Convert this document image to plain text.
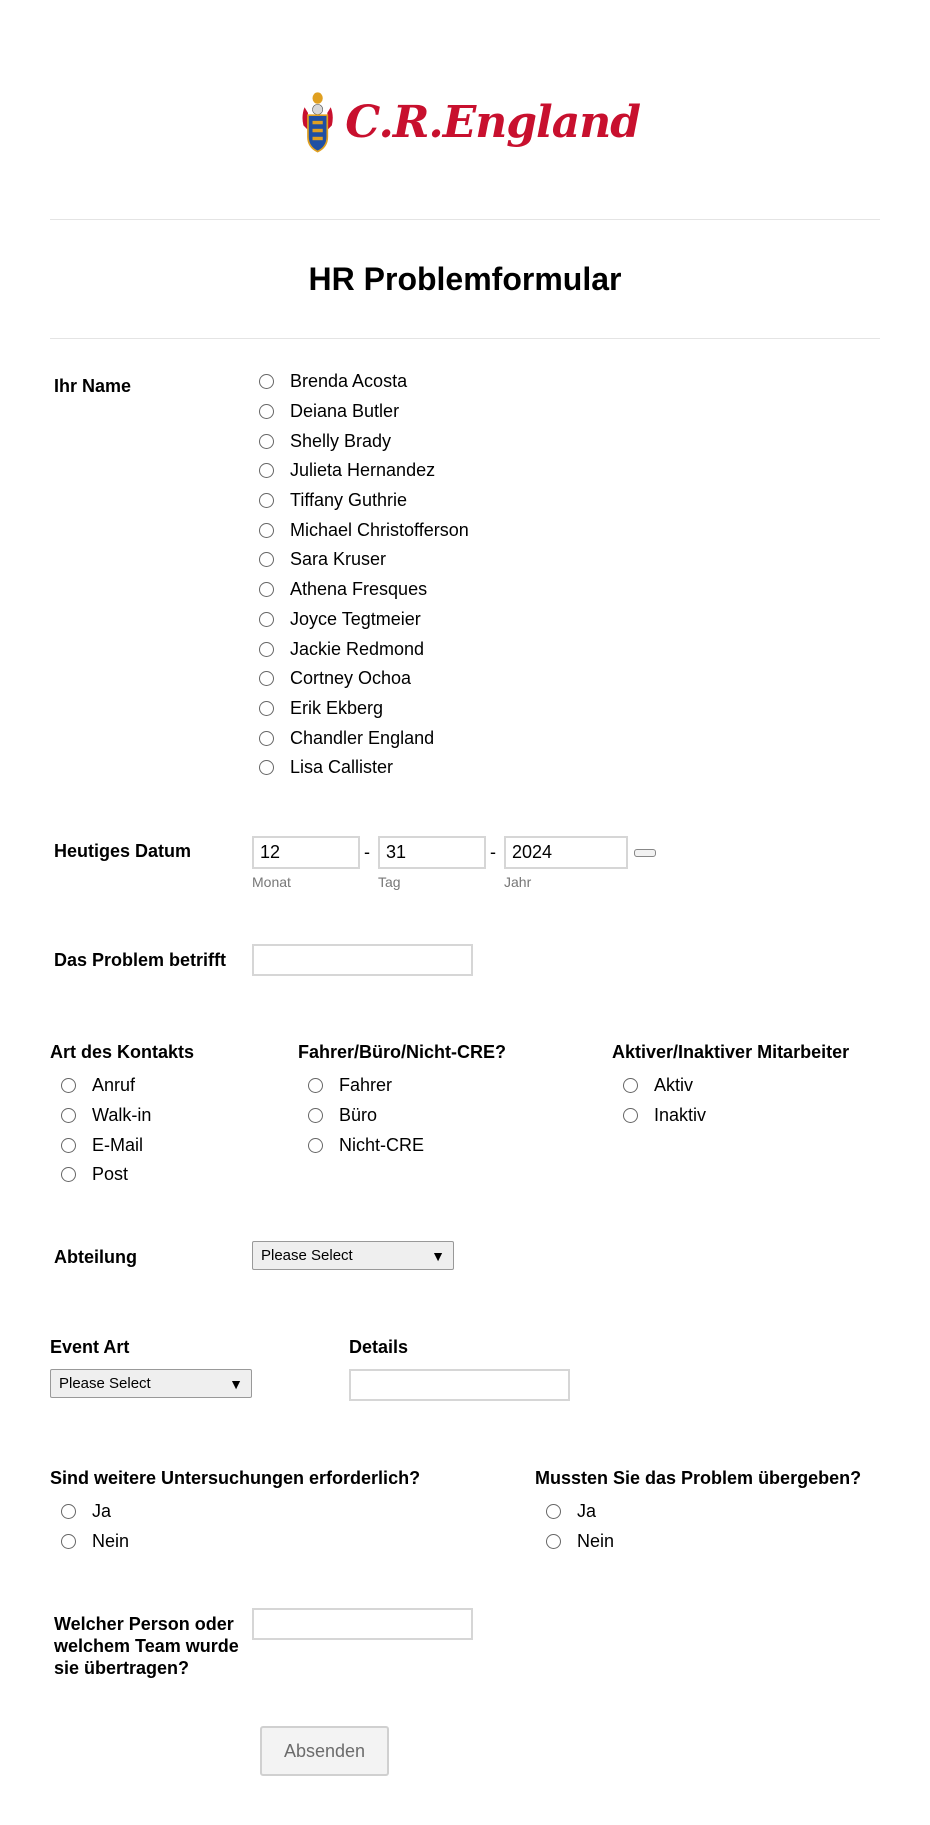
C.R.England
HR Problemformular
Ihr Name	Brenda Acosta
Deiana Butler
Shelly Brady
Julieta Hernandez
Tiffany Guthrie
Michael Christofferson
Sara Kruser
Athena Fresques
Joyce Tegtmeier
Jackie Redmond
Cortney Ochoa
Erik Ekberg
Chandler England
Lisa Callister
Heutiges Datum
12	-
31	-
2024
Monat	Tag	Jahr
Das Problem betrifft
Art des Kontakts
Anruf
Walk-in
E-Mail
Post
Fahrer/Büro/Nicht-CRE?
Fahrer
Büro
Nicht-CRE
Aktiver/Inaktiver Mitarbeiter
Aktiv
Inaktiv
Abteilung	Please Select	▼
Event Art
Please Select	▼
Details
Sind weitere Untersuchungen erforderlich?
Ja
Nein
Mussten Sie das Problem übergeben?
Ja
Nein
Welcher Person oder welchem Team wurde sie übertragen?
Absenden
